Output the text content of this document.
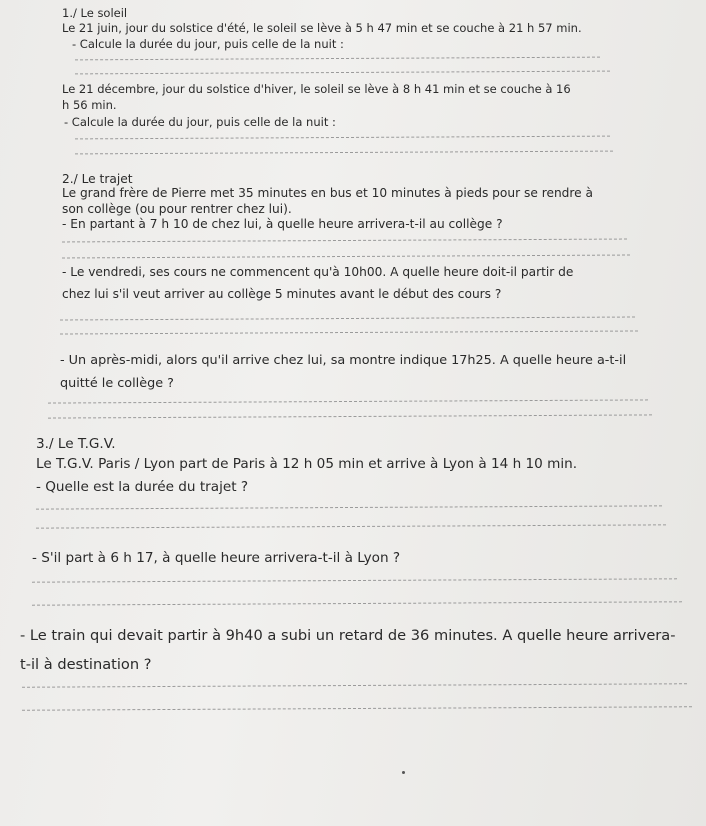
1./ Le soleil

Le 21 juin, jour du solstice d'été, le soleil se lève à 5 h 47 min et se couche à 21 h 57 min.

- Calcule la durée du jour, puis celle de la nuit :

Le 21 décembre, jour du solstice d'hiver, le soleil se lève à 8 h 41 min et se couche à 16

h 56 min.

- Calcule la durée du jour, puis celle de la nuit :

2./ Le trajet

Le grand frère de Pierre met 35 minutes en bus et 10 minutes à pieds pour se rendre à

son collège (ou pour rentrer chez lui).

- En partant à 7 h 10 de chez lui, à quelle heure arrivera-t-il au collège ?

- Le vendredi, ses cours ne commencent qu'à 10h00. A quelle heure doit-il partir de

chez lui s'il veut arriver au collège 5 minutes avant le début des cours ?

- Un après-midi, alors qu'il arrive chez lui, sa montre indique 17h25. A quelle heure a-t-il

quitté le collège ?

3./ Le T.G.V.

Le T.G.V. Paris / Lyon part de Paris à 12 h 05 min et arrive à Lyon à 14 h 10 min.

- Quelle est la durée du trajet ?

- S'il part à 6 h 17, à quelle heure arrivera-t-il à Lyon ?

- Le train qui devait partir à 9h40 a subi un retard de 36 minutes. A quelle heure arrivera-

t-il à destination ?
